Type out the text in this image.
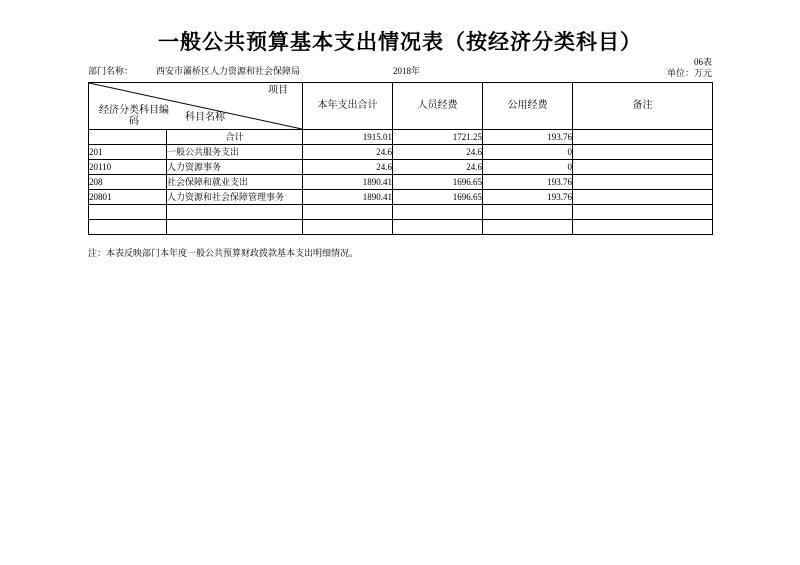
一般公共预算基本支出情况表（按经济分类科目）
部门名称：	西安市灞桥区人力资源和社会保障局	2018年
06表
单位：万元
项目
经济分类科目编码 科目名称		本年支出合计	人员经费	公用经费	备注
	合计	1915.01	1721.25	193.76	
201	一般公共服务支出	24.6	24.6	0	
20110	人力资源事务	24.6	24.6	0	
208	社会保障和就业支出	1890.41	1696.65	193.76	
20801	人力资源和社会保障管理事务	1890.41	1696.65	193.76	

注：本表反映部门本年度一般公共预算财政拨款基本支出明细情况。
